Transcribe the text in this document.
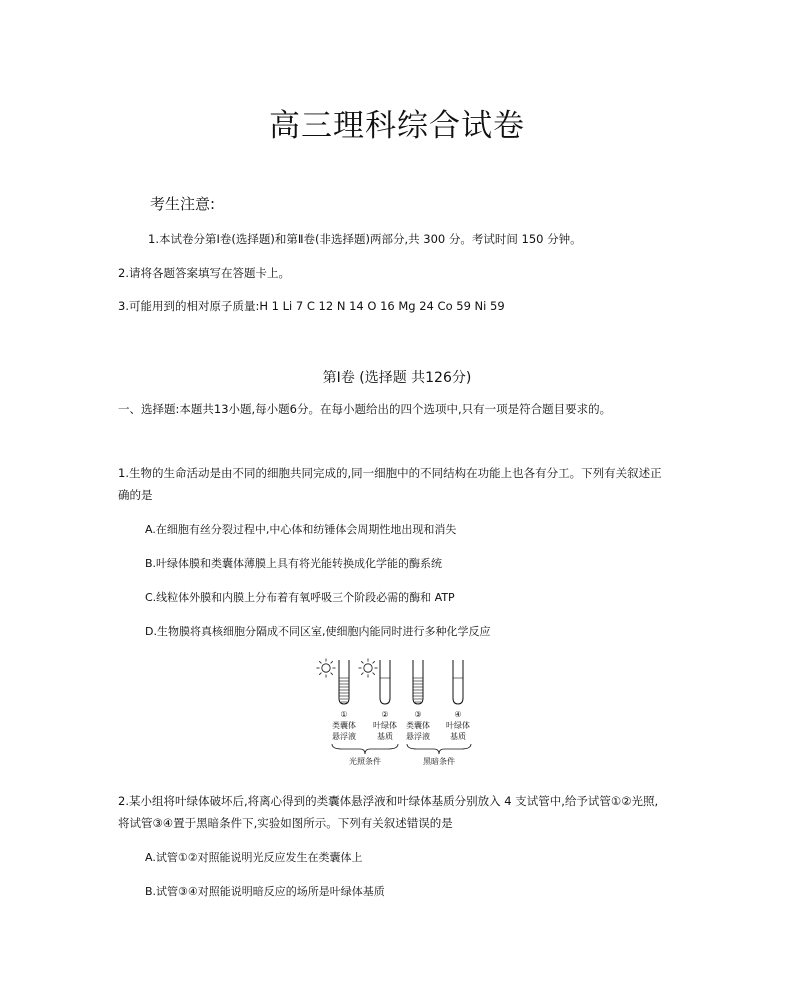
高三理科综合试卷
考生注意:
1.本试卷分第Ⅰ卷(选择题)和第Ⅱ卷(非选择题)两部分,共 300 分。考试时间 150 分钟。
2.请将各题答案填写在答题卡上。
3.可能用到的相对原子质量:H 1 Li 7 C 12 N 14 O 16 Mg 24 Co 59 Ni 59
第Ⅰ卷 (选择题 共126分)
一、选择题:本题共13小题,每小题6分。在每小题给出的四个选项中,只有一项是符合题目要求的。
1.生物的生命活动是由不同的细胞共同完成的,同一细胞中的不同结构在功能上也各有分工。下列有关叙述正
确的是
A.在细胞有丝分裂过程中,中心体和纺锤体会周期性地出现和消失
B.叶绿体膜和类囊体薄膜上具有将光能转换成化学能的酶系统
C.线粒体外膜和内膜上分布着有氧呼吸三个阶段必需的酶和 ATP
D.生物膜将真核细胞分隔成不同区室,使细胞内能同时进行多种化学反应
①	②	③	④
类囊体 叶绿体 类囊体 叶绿体
悬浮液	基质 悬浮液	基质
光照条件	黑暗条件
2.某小组将叶绿体破坏后,将离心得到的类囊体悬浮液和叶绿体基质分别放入 4 支试管中,给予试管①②光照,
将试管③④置于黑暗条件下,实验如图所示。下列有关叙述错误的是
A.试管①②对照能说明光反应发生在类囊体上
B.试管③④对照能说明暗反应的场所是叶绿体基质
